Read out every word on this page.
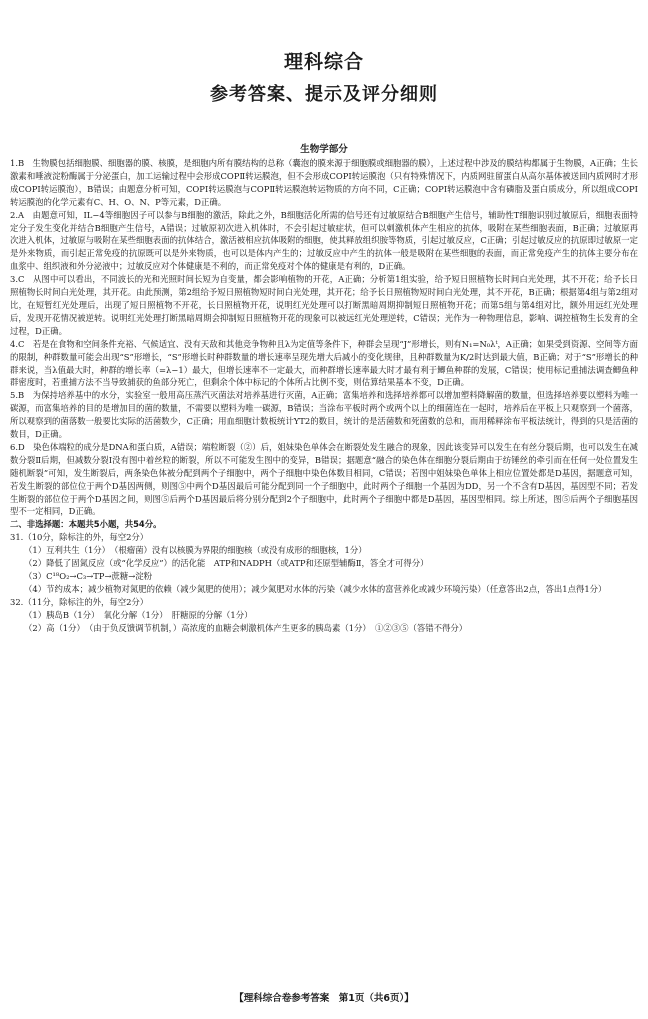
理科综合
参考答案、提示及评分细则
生物学部分

1.B　生物膜包括细胞膜、细胞器的膜、核膜，是细胞内所有膜结构的总称（囊泡的膜来源于细胞膜或细胞器的膜），上述过程中涉及的膜结构都属于生物膜，A正确；生长激素和唾液淀粉酶属于分泌蛋白，加工运输过程中会形成COPⅡ转运膜泡，但不会形成COPⅠ转运膜泡（只有特殊情况下，内质网驻留蛋白从高尔基体被送回内质网时才形成COPⅠ转运膜泡），B错误；由题意分析可知，COPⅠ转运膜泡与COPⅡ转运膜泡转运物质的方向不同，C正确；COPⅠ转运膜泡中含有磷脂及蛋白质成分，所以组成COPⅠ转运膜泡的化学元素有C、H、O、N、P等元素，D正确。

2.A　由题意可知，IL−4等细胞因子可以参与B细胞的激活，除此之外，B细胞活化所需的信号还有过敏原结合B细胞产生信号，辅助性T细胞识别过敏原后，细胞表面特定分子发生变化并结合B细胞产生信号，A错误；过敏原初次进入机体时，不会引起过敏症状，但可以刺激机体产生相应的抗体，吸附在某些细胞表面，B正确；过敏原再次进入机体，过敏原与吸附在某些细胞表面的抗体结合，激活被相应抗体吸附的细胞，使其释放组织胺等物质，引起过敏反应，C正确；引起过敏反应的抗原即过敏原一定是外来物质，而引起正常免疫的抗原既可以是外来物质，也可以是体内产生的；过敏反应中产生的抗体一般是吸附在某些细胞的表面，而正常免疫产生的抗体主要分布在血浆中、组织液和外分泌液中；过敏反应对个体健康是不利的，而正常免疫对个体的健康是有利的，D正确。

3.C　从图中可以看出，不同波长的光和光照时间长短为自变量，都会影响植物的开花，A正确；分析第1组实验，给予短日照植物长时间白光处理，其不开花；给予长日照植物长时间白光处理，其开花。由此预测，第2组给予短日照植物短时间白光处理，其开花；给予长日照植物短时间白光处理，其不开花，B正确；根据第4组与第2组对比，在短暂红光处理后，出现了短日照植物不开花，长日照植物开花，说明红光处理可以打断黑暗周期抑制短日照植物开花；而第5组与第4组对比，额外用远红光处理后，发现开花情况被逆转。说明红光处理打断黑暗周期会抑制短日照植物开花的现象可以被远红光处理逆转，C错误；光作为一种物理信息，影响、调控植物生长发育的全过程，D正确。

4.C　若是在食物和空间条件充裕、气候适宜、没有天敌和其他竞争物种且λ为定值等条件下，种群会呈现“J”形增长，则有N₁=N₀λᵗ，A正确；如果受到资源、空间等方面的限制，种群数量可能会出现“S”形增长，“S”形增长时种群数量的增长速率呈现先增大后减小的变化规律，且种群数量为K/2时达到最大值，B正确；对于“S”形增长的种群来说，当λ值最大时，种群的增长率（=λ−1）最大，但增长速率不一定最大，而种群增长速率最大时才最有利于鲫鱼种群的发展，C错误；使用标记重捕法调查鲫鱼种群密度时，若重捕方法不当导致捕获的鱼部分死亡，但剩余个体中标记的个体所占比例不变，则估算结果基本不变，D正确。

5.B　为保持培养基中的水分，实验室一般用高压蒸汽灭菌法对培养基进行灭菌，A正确；富集培养和选择培养都可以增加塑料降解菌的数量，但选择培养要以塑料为唯一碳源，而富集培养的目的是增加目的菌的数量，不需要以塑料为唯一碳源，B错误；当涂布平板时两个或两个以上的细菌连在一起时，培养后在平板上只观察到一个菌落，所以观察到的菌落数一般要比实际的活菌数少，C正确；用血细胞计数板统计YT2的数目，统计的是活菌数和死菌数的总和，而用稀释涂布平板法统计，得到的只是活菌的数目，D正确。

6.D　染色体端粒的成分是DNA和蛋白质，A错误；端粒断裂（②）后，姐妹染色单体会在断裂处发生融合的现象，因此该变异可以发生在有丝分裂后期，也可以发生在减数分裂Ⅱ后期，但减数分裂Ⅰ没有图中着丝粒的断裂，所以不可能发生图中的变异，B错误；据题意“融合的染色体在细胞分裂后期由于纺锤丝的牵引而在任何一处位置发生随机断裂”可知，发生断裂后，两条染色体被分配到两个子细胞中，两个子细胞中染色体数目相同，C错误；若图中姐妹染色单体上相应位置处都是D基因，据题意可知，若发生断裂的部位位于两个D基因两侧，则图⑤中两个D基因最后可能分配到同一个子细胞中，此时两个子细胞一个基因为DD，另一个不含有D基因，基因型不同；若发生断裂的部位位于两个D基因之间，则图⑤后两个D基因最后将分别分配到2个子细胞中，此时两个子细胞中都是D基因，基因型相同。综上所述，图⑤后两个子细胞基因型不一定相同，D正确。

二、非选择题：本题共5小题，共54分。

31.（10分，除标注的外，每空2分）

（1）互利共生（1分）　（根瘤菌）没有以核膜为界限的细胞核（或没有成形的细胞核，1分）

（2）降低了固氮反应（或“化学反应”）的活化能　ATP和NADPH（或ATP和还原型辅酶Ⅱ，答全才可得分）

（3）C¹⁸O₂→C₃→TP→蔗糖→淀粉

（4）节约成本；减少植物对氮肥的依赖（减少氮肥的使用）；减少氮肥对水体的污染（减少水体的富营养化或减少环境污染）（任意答出2点，答出1点得1分）

32.（11分，除标注的外，每空2分）

（1）胰岛B（1分）　氧化分解（1分）　肝糖原的分解（1分）

（2）高（1分）　（由于负反馈调节机制，）高浓度的血糖会刺激机体产生更多的胰岛素（1分）　①②③⑤（答错不得分）

【理科综合卷参考答案　第1页（共6页）】
